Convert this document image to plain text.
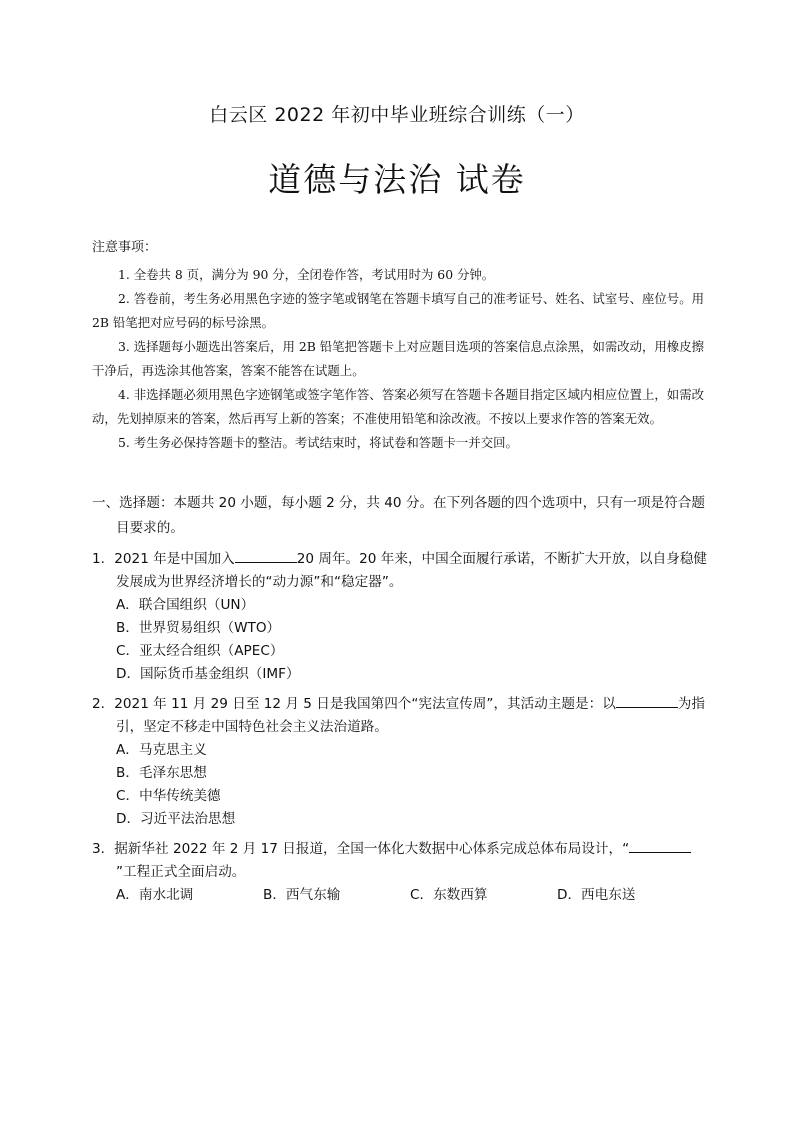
白云区 2022 年初中毕业班综合训练（一）
道德与法治 试卷
注意事项：
1. 全卷共 8 页，满分为 90 分，全闭卷作答，考试用时为 60 分钟。
2. 答卷前，考生务必用黑色字迹的签字笔或钢笔在答题卡填写自己的准考证号、姓名、试室号、座位号。用 2B 铅笔把对应号码的标号涂黑。
3. 选择题每小题选出答案后，用 2B 铅笔把答题卡上对应题目选项的答案信息点涂黑，如需改动，用橡皮擦干净后，再选涂其他答案，答案不能答在试题上。
4. 非选择题必须用黑色字迹钢笔或签字笔作答、答案必须写在答题卡各题目指定区域内相应位置上，如需改动，先划掉原来的答案，然后再写上新的答案；不准使用铅笔和涂改液。不按以上要求作答的答案无效。
5. 考生务必保持答题卡的整洁。考试结束时，将试卷和答题卡一并交回。
一、选择题：本题共 20 小题，每小题 2 分，共 40 分。在下列各题的四个选项中，只有一项是符合题目要求的。
1．2021 年是中国加入	20 周年。20 年来，中国全面履行承诺，不断扩大开放，以自身稳健发展成为世界经济增长的“动力源”和“稳定器”。
A．联合国组织（UN）
B．世界贸易组织（WTO）
C．亚太经合组织（APEC）
D．国际货币基金组织（IMF）
2．2021 年 11 月 29 日至 12 月 5 日是我国第四个“宪法宣传周”，其活动主题是：以	为指引，坚定不移走中国特色社会主义法治道路。
A．马克思主义
B．毛泽东思想
C．中华传统美德
D．习近平法治思想
3．据新华社 2022 年 2 月 17 日报道，全国一体化大数据中心体系完成总体布局设计，“”工程正式全面启动。
A．南水北调	B．西气东输	C．东数西算	D．西电东送
